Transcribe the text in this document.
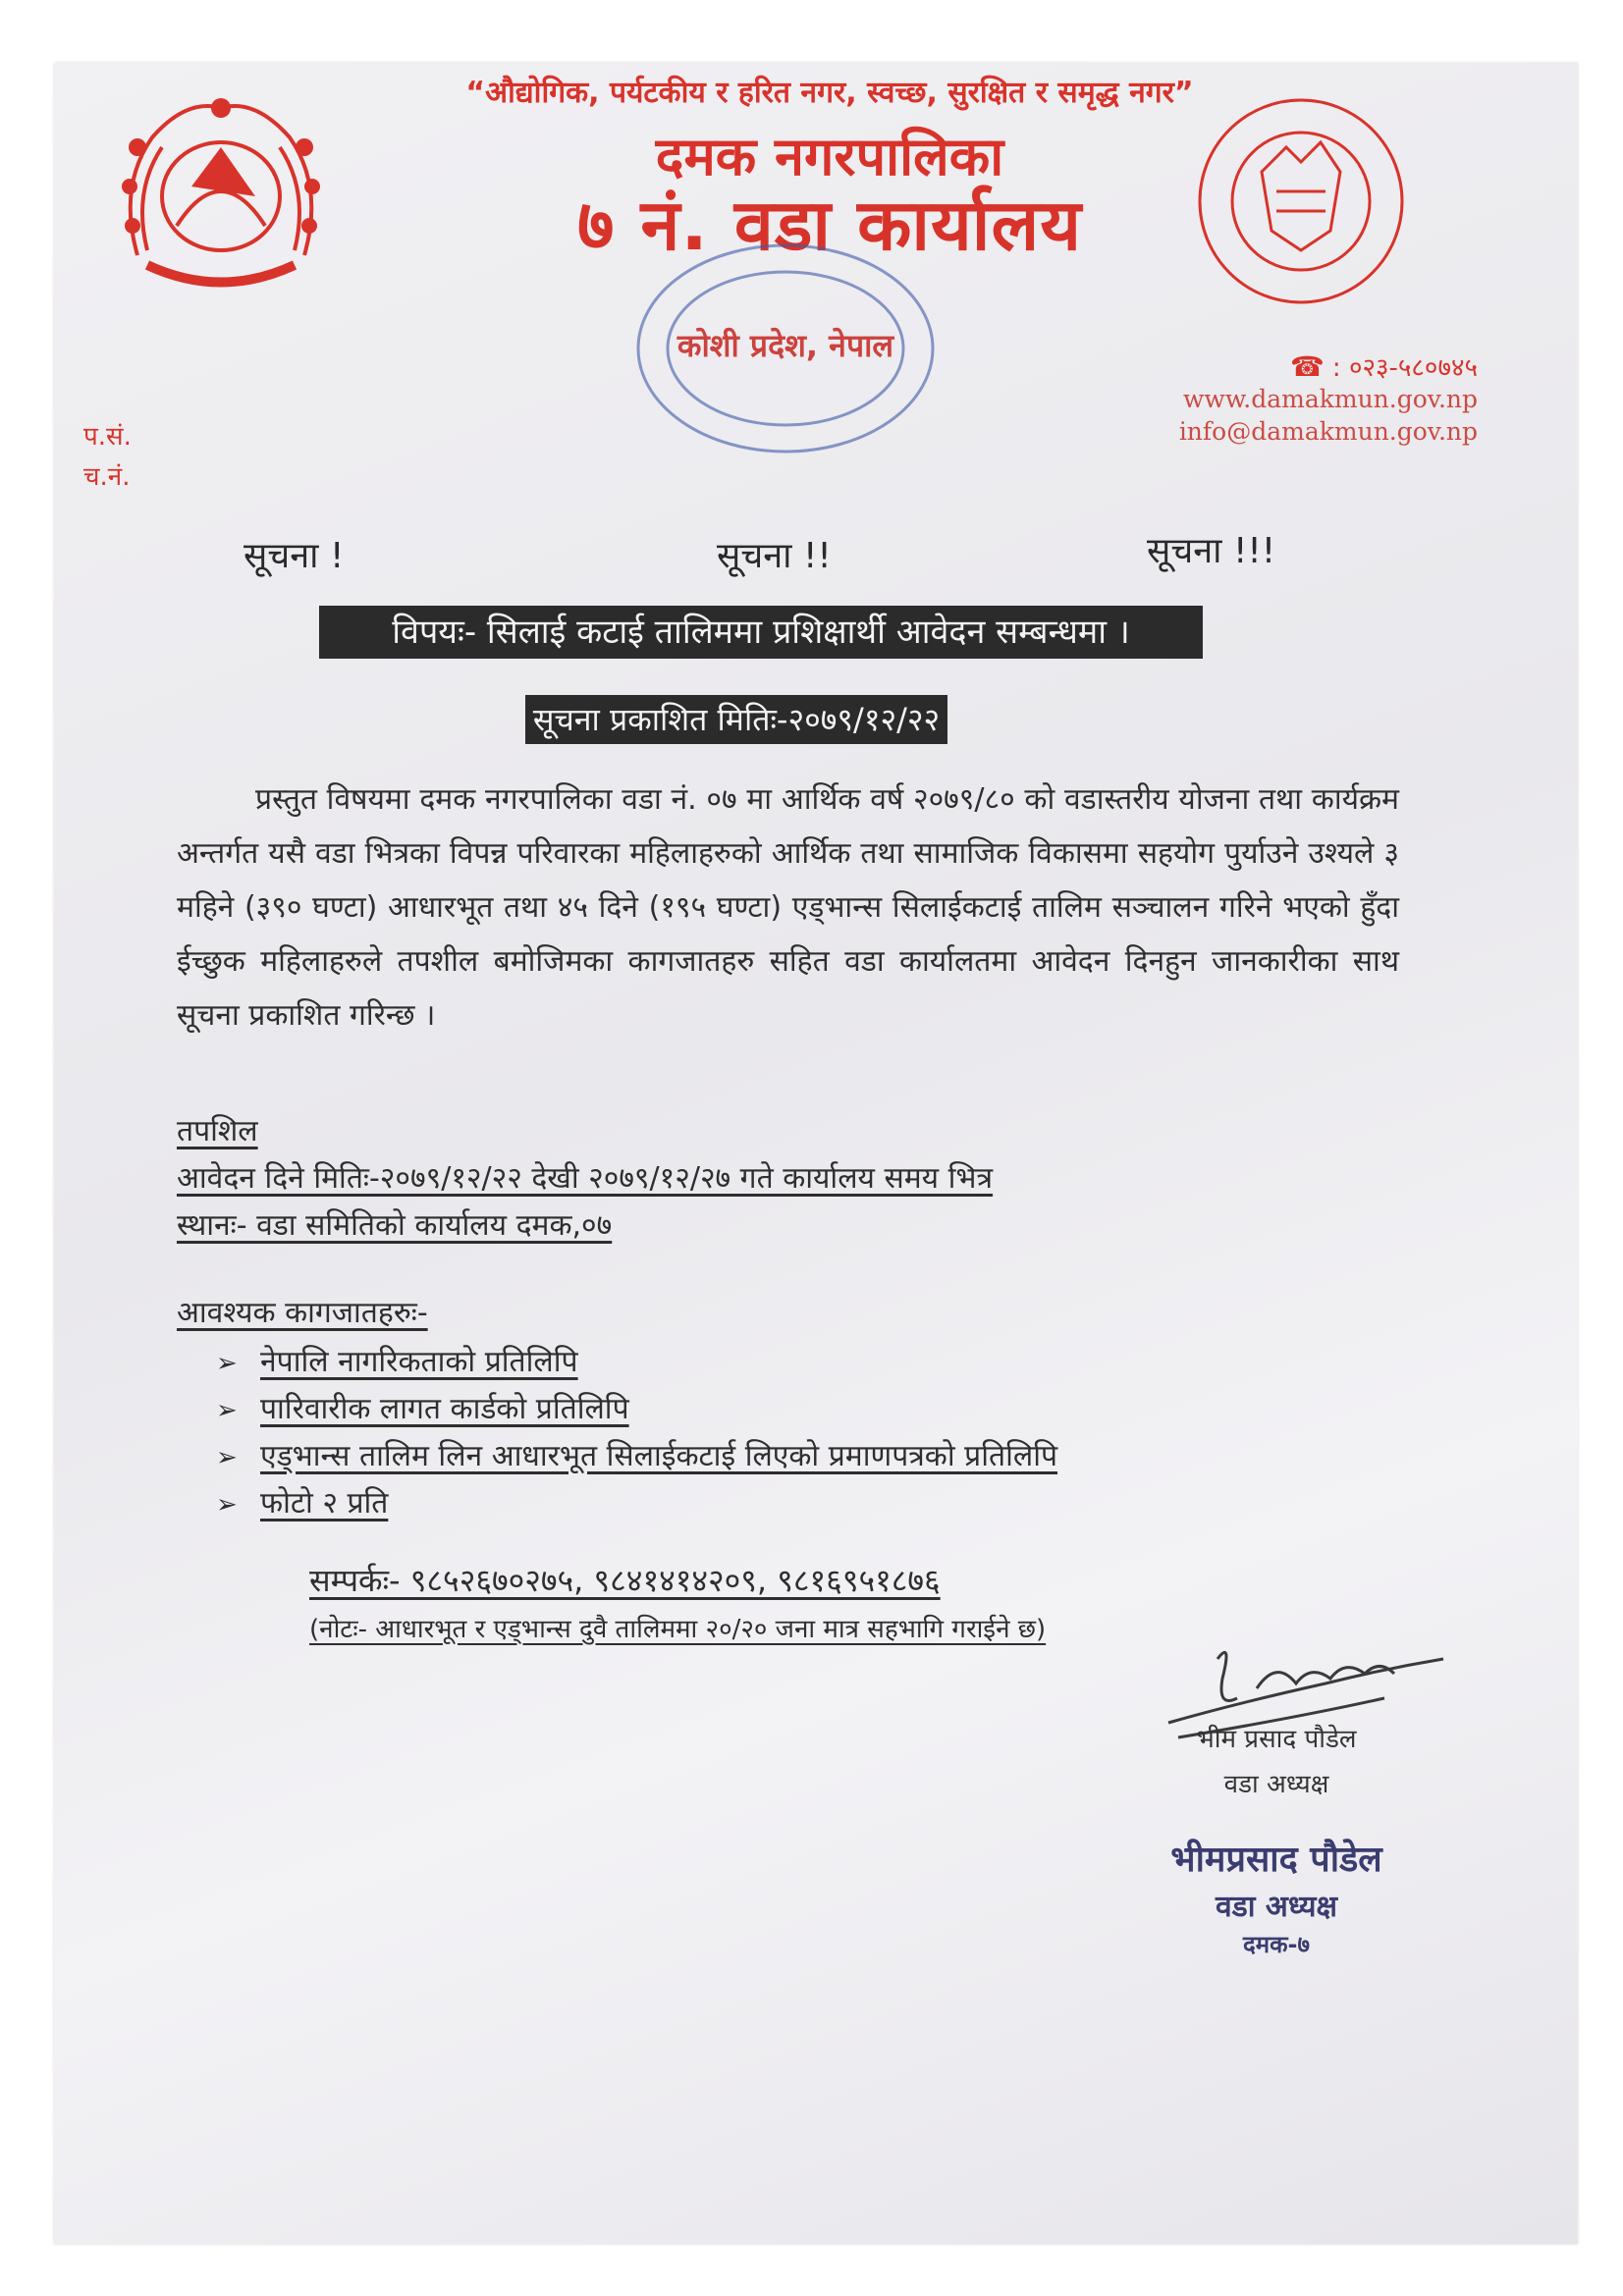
“औद्योगिक, पर्यटकीय र हरित नगर, स्वच्छ, सुरक्षित र समृद्ध नगर”
दमक नगरपालिका
७ नं. वडा कार्यालय
कोशी प्रदेश, नेपाल
☎ : ०२३-५८०७४५
www.damakmun.gov.np
info@damakmun.gov.np
प.सं.
च.नं.
सूचना !	सूचना !!	सूचना !!!
विपयः- सिलाई कटाई तालिममा प्रशिक्षार्थी आवेदन सम्बन्धमा ।
सूचना प्रकाशित मितिः-२०७९/१२/२२
प्रस्तुत विषयमा दमक नगरपालिका वडा नं. ०७ मा आर्थिक वर्ष २०७९/८० को वडास्तरीय योजना तथा कार्यक्रम अन्तर्गत यसै वडा भित्रका विपन्न परिवारका महिलाहरुको आर्थिक तथा सामाजिक विकासमा सहयोग पुर्याउने उश्यले ३ महिने (३९० घण्टा) आधारभूत तथा ४५ दिने (१९५ घण्टा) एड्भान्स सिलाईकटाई तालिम सञ्चालन गरिने भएको हुँदा ईच्छुक महिलाहरुले तपशील बमोजिमका कागजातहरु सहित वडा कार्यालतमा आवेदन दिनहुन जानकारीका साथ सूचना प्रकाशित गरिन्छ ।
तपशिल
आवेदन दिने मितिः-२०७९/१२/२२ देखी २०७९/१२/२७ गते कार्यालय समय भित्र
स्थानः- वडा समितिको कार्यालय दमक,०७
आवश्यक कागजातहरुः-
➢ नेपालि नागरिकताको प्रतिलिपि
➢ पारिवारीक लागत कार्डको प्रतिलिपि
➢ एड्भान्स तालिम लिन आधारभूत सिलाईकटाई लिएको प्रमाणपत्रको प्रतिलिपि
➢ फोटो २ प्रति
सम्पर्कः- ९८५२६७०२७५, ९८४१४१४२०९, ९८१६९५१८७६
(नोटः- आधारभूत र एड्भान्स दुवै तालिममा २०/२० जना मात्र सहभागि गराईने छ)
भीम प्रसाद पौडेल
वडा अध्यक्ष
भीमप्रसाद पौडेल
वडा अध्यक्ष
दमक-७
